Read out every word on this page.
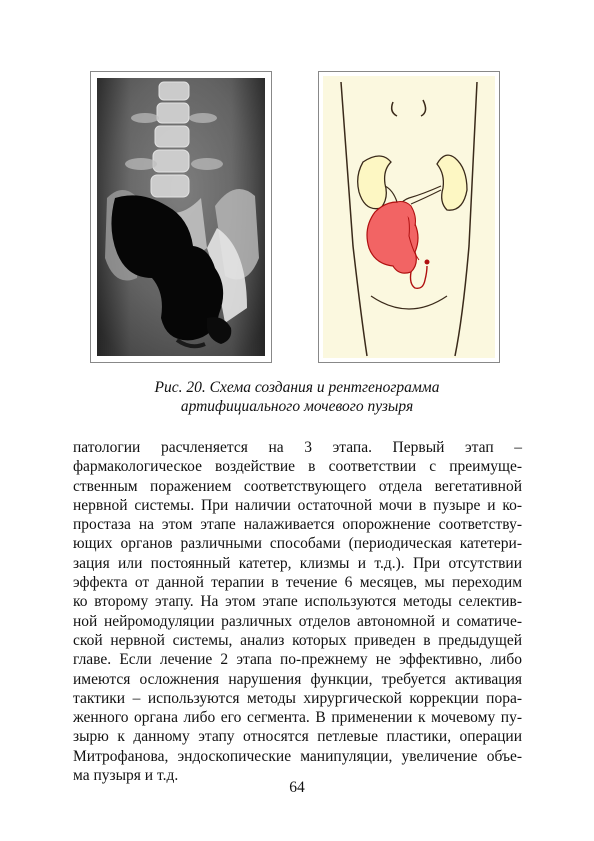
Рис. 20. Схема создания и рентгенограмма
артифициального мочевого пузыря
патологии расчленяется на 3 этапа. Первый этап –
фармакологическое воздействие в соответствии с преимуще-
ственным поражением соответствующего отдела вегетативной
нервной системы. При наличии остаточной мочи в пузыре и ко-
простаза на этом этапе налаживается опорожнение соответству-
ющих органов различными способами (периодическая катетери-
зация или постоянный катетер, клизмы и т.д.). При отсутствии
эффекта от данной терапии в течение 6 месяцев, мы переходим
ко второму этапу. На этом этапе используются методы селектив-
ной нейромодуляции различных отделов автономной и соматиче-
ской нервной системы, анализ которых приведен в предыдущей
главе. Если лечение 2 этапа по-прежнему не эффективно, либо
имеются осложнения нарушения функции, требуется активация
тактики – используются методы хирургической коррекции пора-
женного органа либо его сегмента. В применении к мочевому пу-
зырю к данному этапу относятся петлевые пластики, операции
Митрофанова, эндоскопические манипуляции, увеличение объе-
ма пузыря и т.д.
64
